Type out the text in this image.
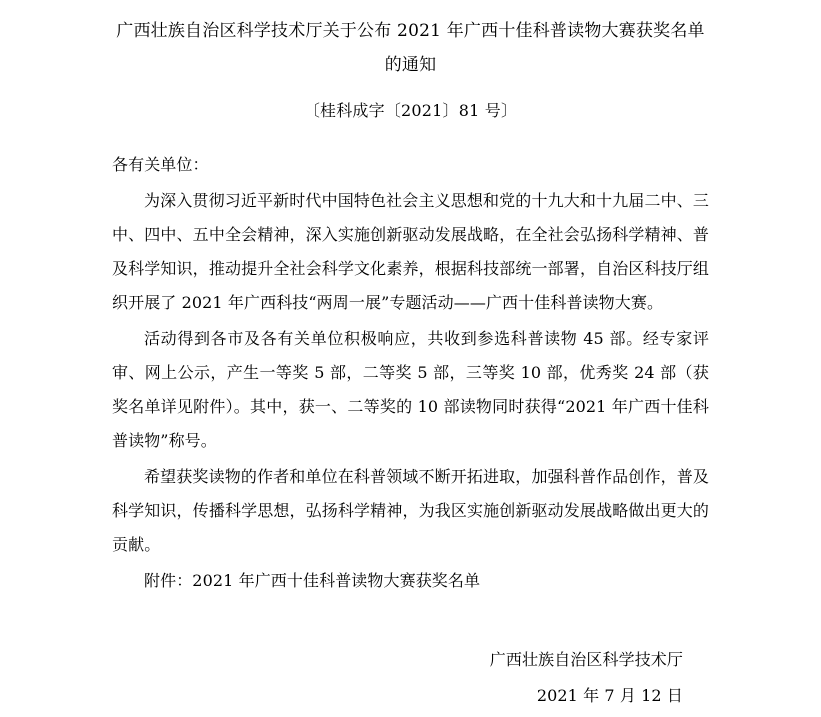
广西壮族自治区科学技术厅关于公布 2021 年广西十佳科普读物大赛获奖名单的通知
〔桂科成字〔2021〕81 号〕

各有关单位：

为深入贯彻习近平新时代中国特色社会主义思想和党的十九大和十九届二中、三中、四中、五中全会精神，深入实施创新驱动发展战略，在全社会弘扬科学精神、普及科学知识，推动提升全社会科学文化素养，根据科技部统一部署，自治区科技厅组织开展了 2021 年广西科技“两周一展”专题活动——广西十佳科普读物大赛。

活动得到各市及各有关单位积极响应，共收到参选科普读物 45 部。经专家评审、网上公示，产生一等奖 5 部，二等奖 5 部，三等奖 10 部，优秀奖 24 部（获奖名单详见附件）。其中，获一、二等奖的 10 部读物同时获得“2021 年广西十佳科普读物”称号。

希望获奖读物的作者和单位在科普领域不断开拓进取，加强科普作品创作，普及科学知识，传播科学思想，弘扬科学精神，为我区实施创新驱动发展战略做出更大的贡献。

附件：2021 年广西十佳科普读物大赛获奖名单

广西壮族自治区科学技术厅
2021 年 7 月 12 日
